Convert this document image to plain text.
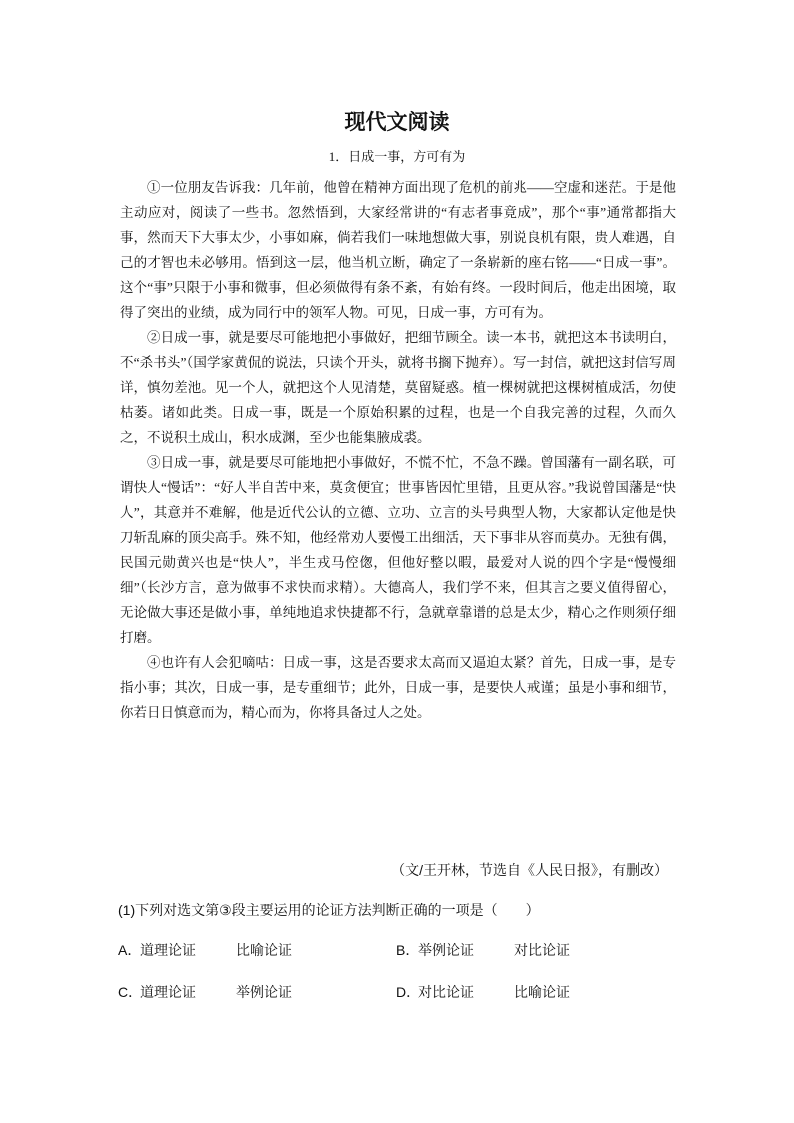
现代文阅读
1．日成一事，方可有为

①一位朋友告诉我：几年前，他曾在精神方面出现了危机的前兆——空虚和迷茫。于是他主动应对，阅读了一些书。忽然悟到，大家经常讲的“有志者事竟成”，那个“事”通常都指大事，然而天下大事太少，小事如麻，倘若我们一味地想做大事，别说良机有限，贵人难遇，自己的才智也未必够用。悟到这一层，他当机立断，确定了一条崭新的座右铭——“日成一事”。这个“事”只限于小事和微事，但必须做得有条不紊，有始有终。一段时间后，他走出困境，取得了突出的业绩，成为同行中的领军人物。可见，日成一事，方可有为。

②日成一事，就是要尽可能地把小事做好，把细节顾全。读一本书，就把这本书读明白，不“杀书头”（国学家黄侃的说法，只读个开头，就将书搁下抛弃）。写一封信，就把这封信写周详，慎勿差池。见一个人，就把这个人见清楚，莫留疑惑。植一棵树就把这棵树植成活，勿使枯萎。诸如此类。日成一事，既是一个原始积累的过程，也是一个自我完善的过程，久而久之，不说积土成山，积水成渊，至少也能集腋成裘。

③日成一事，就是要尽可能地把小事做好，不慌不忙，不急不躁。曾国藩有一副名联，可谓快人“慢话”：“好人半自苦中来，莫贪便宜；世事皆因忙里错，且更从容。”我说曾国藩是“快人”，其意并不难解，他是近代公认的立德、立功、立言的头号典型人物，大家都认定他是快刀斩乱麻的顶尖高手。殊不知，他经常劝人要慢工出细活，天下事非从容而莫办。无独有偶，民国元勋黄兴也是“快人”，半生戎马倥偬，但他好整以暇，最爱对人说的四个字是“慢慢细细”（长沙方言，意为做事不求快而求精）。大德高人，我们学不来，但其言之要义值得留心，无论做大事还是做小事，单纯地追求快捷都不行，急就章靠谱的总是太少，精心之作则须仔细打磨。

④也许有人会犯嘀咕：日成一事，这是否要求太高而又逼迫太紧？首先，日成一事，是专指小事；其次，日成一事，是专重细节；此外，日成一事，是要快人戒谨；虽是小事和细节，你若日日慎意而为，精心而为，你将具备过人之处。

（文/王开林，节选自《人民日报》，有删改）
(1)下列对选文第③段主要运用的论证方法判断正确的一项是（　　）
A．道理论证	比喻论证	B．举例论证	对比论证
C．道理论证	举例论证	D．对比论证	比喻论证
